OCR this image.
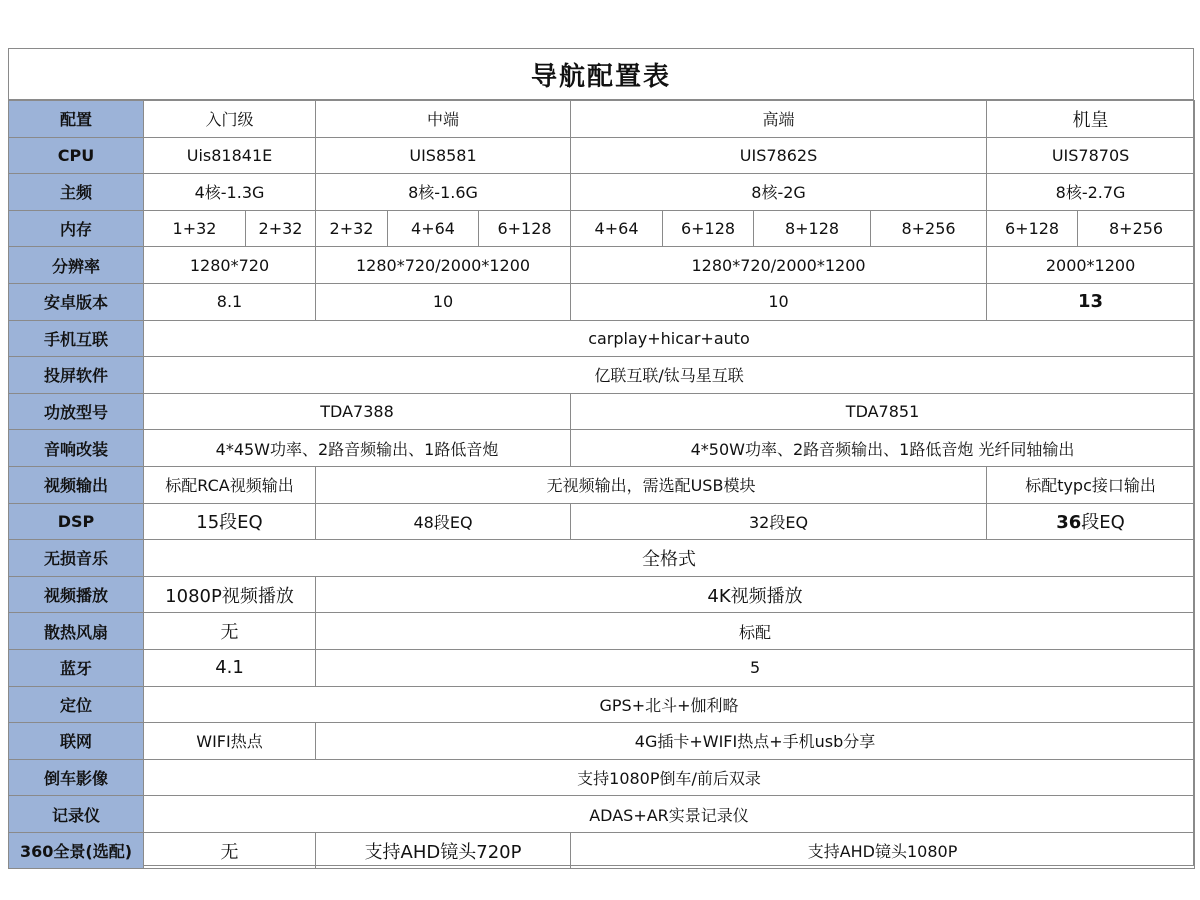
导航配置表
配置	入门级		中端			高端				机皇	
CPU	Uis81841E		UIS8581			UIS7862S				UIS7870S	
主频	4核-1.3G		8核-1.6G			8核-2G				8核-2.7G	
内存	1+32	2+32	2+32	4+64	6+128	4+64	6+128	8+128	8+256	6+128	8+256
分辨率	1280*720		1280*720/2000*1200			1280*720/2000*1200				2000*1200	
安卓版本	8.1		10			10				13	
手机互联	carplay+hicar+auto										
投屏软件	亿联互联/钛马星互联										
功放型号	TDA7388					TDA7851					
音响改装	4*45W功率、2路音频输出、1路低音炮					4*50W功率、2路音频输出、1路低音炮 光纤同轴输出					
视频输出	标配RCA视频输出		无视频输出，需选配USB模块							标配typc接口输出	
DSP	15段EQ		48段EQ			32段EQ				36段EQ	
无损音乐	全格式										
视频播放	1080P视频播放		4K视频播放								
散热风扇	无		标配								
蓝牙	4.1		5								
定位	GPS+北斗+伽利略										
联网	WIFI热点		4G插卡+WIFI热点+手机usb分享								
倒车影像	支持1080P倒车/前后双录										
记录仪	ADAS+AR实景记录仪										
360全景(选配)	无		支持AHD镜头720P			支持AHD镜头1080P					
